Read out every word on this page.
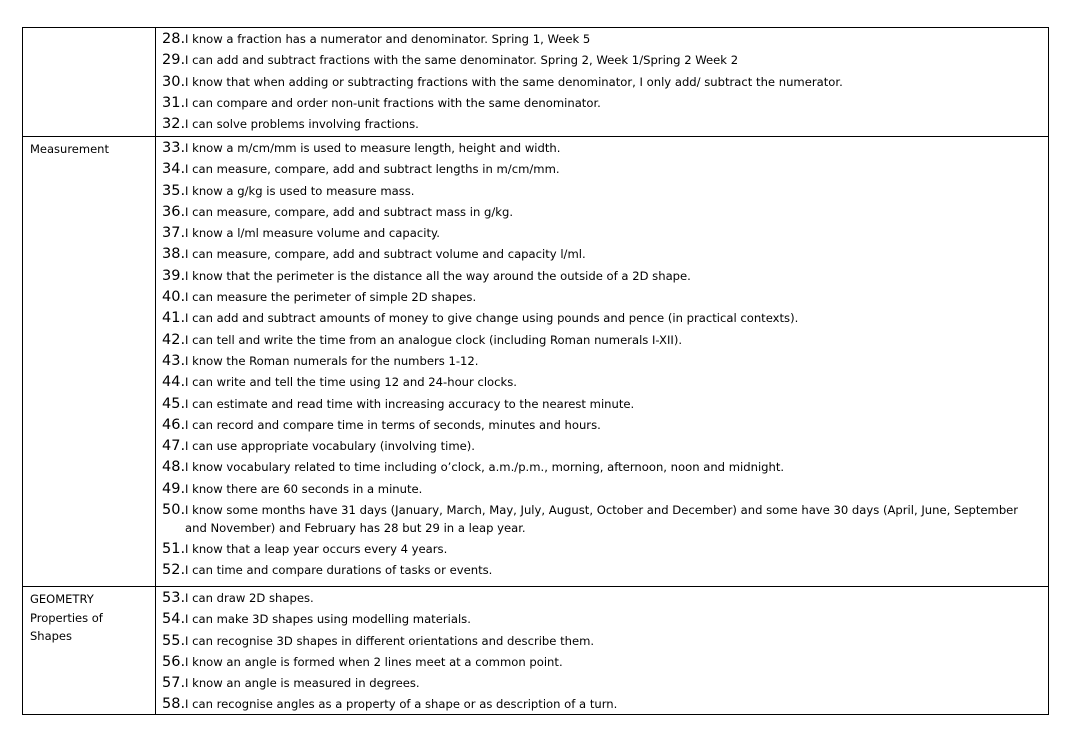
28. I know a fraction has a numerator and denominator. Spring 1, Week 5
29. I can add and subtract fractions with the same denominator. Spring 2, Week 1/Spring 2 Week 2
30. I know that when adding or subtracting fractions with the same denominator, I only add/ subtract the numerator.
31. I can compare and order non-unit fractions with the same denominator.
32. I can solve problems involving fractions.
Measurement	33. I know a m/cm/mm is used to measure length, height and width.
34. I can measure, compare, add and subtract lengths in m/cm/mm.
35. I know a g/kg is used to measure mass.
36. I can measure, compare, add and subtract mass in g/kg.
37. I know a l/ml measure volume and capacity.
38. I can measure, compare, add and subtract volume and capacity l/ml.
39. I know that the perimeter is the distance all the way around the outside of a 2D shape.
40. I can measure the perimeter of simple 2D shapes.
41. I can add and subtract amounts of money to give change using pounds and pence (in practical contexts).
42. I can tell and write the time from an analogue clock (including Roman numerals I-XII).
43. I know the Roman numerals for the numbers 1-12.
44. I can write and tell the time using 12 and 24-hour clocks.
45. I can estimate and read time with increasing accuracy to the nearest minute.
46. I can record and compare time in terms of seconds, minutes and hours.
47. I can use appropriate vocabulary (involving time).
48. I know vocabulary related to time including o’clock, a.m./p.m., morning, afternoon, noon and midnight.
49. I know there are 60 seconds in a minute.
50. I know some months have 31 days (January, March, May, July, August, October and December) and some have 30 days (April, June, September and November) and February has 28 but 29 in a leap year.
51. I know that a leap year occurs every 4 years.
52. I can time and compare durations of tasks or events.
GEOMETRY
Properties of
Shapes
53. I can draw 2D shapes.
54. I can make 3D shapes using modelling materials.
55. I can recognise 3D shapes in different orientations and describe them.
56. I know an angle is formed when 2 lines meet at a common point.
57. I know an angle is measured in degrees.
58. I can recognise angles as a property of a shape or as description of a turn.
